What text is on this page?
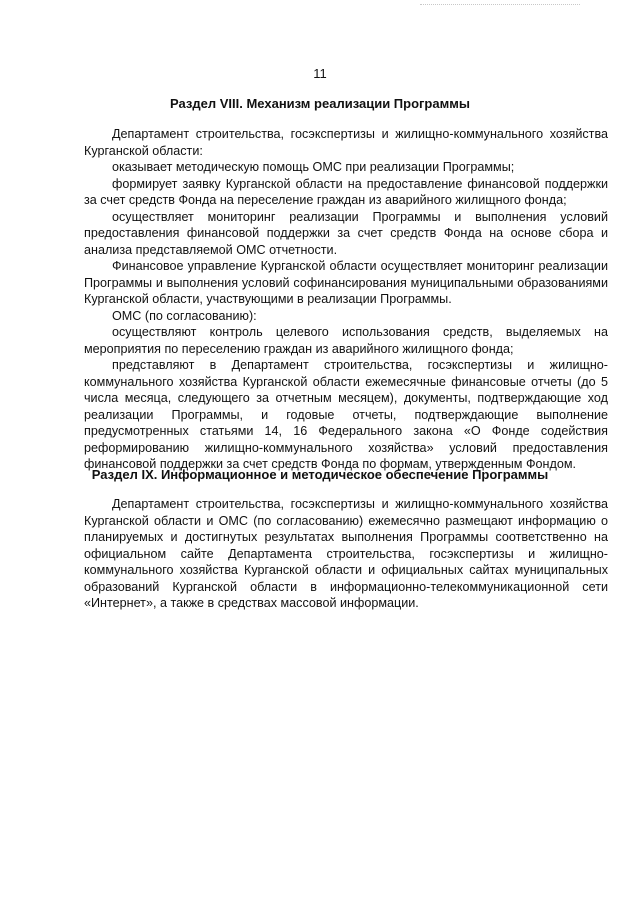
11
Раздел VIII. Механизм реализации Программы

Департамент строительства, госэкспертизы и жилищно-коммунального хозяйства Курганской области:

оказывает методическую помощь ОМС при реализации Программы;

формирует заявку Курганской области на предоставление финансовой поддержки за счет средств Фонда на переселение граждан из аварийного жилищного фонда;

осуществляет мониторинг реализации Программы и выполнения условий предоставления финансовой поддержки за счет средств Фонда на основе сбора и анализа представляемой ОМС отчетности.

Финансовое управление Курганской области осуществляет мониторинг реализации Программы и выполнения условий софинансирования муниципальными образованиями Курганской области, участвующими в реализации Программы.

ОМС (по согласованию):

осуществляют контроль целевого использования средств, выделяемых на мероприятия по переселению граждан из аварийного жилищного фонда;

представляют в Департамент строительства, госэкспертизы и жилищно-коммунального хозяйства Курганской области ежемесячные финансовые отчеты (до 5 числа месяца, следующего за отчетным месяцем), документы, подтверждающие ход реализации Программы, и годовые отчеты, подтверждающие выполнение предусмотренных статьями 14, 16 Федерального закона «О Фонде содействия реформированию жилищно-коммунального хозяйства» условий предоставления финансовой поддержки за счет средств Фонда по формам, утвержденным Фондом.

Раздел IX. Информационное и методическое обеспечение Программы

Департамент строительства, госэкспертизы и жилищно-коммунального хозяйства Курганской области и ОМС (по согласованию) ежемесячно размещают информацию о планируемых и достигнутых результатах выполнения Программы соответственно на официальном сайте Департамента строительства, госэкспертизы и жилищно-коммунального хозяйства Курганской области и официальных сайтах муниципальных образований Курганской области в информационно-телекоммуникационной сети «Интернет», а также в средствах массовой информации.
